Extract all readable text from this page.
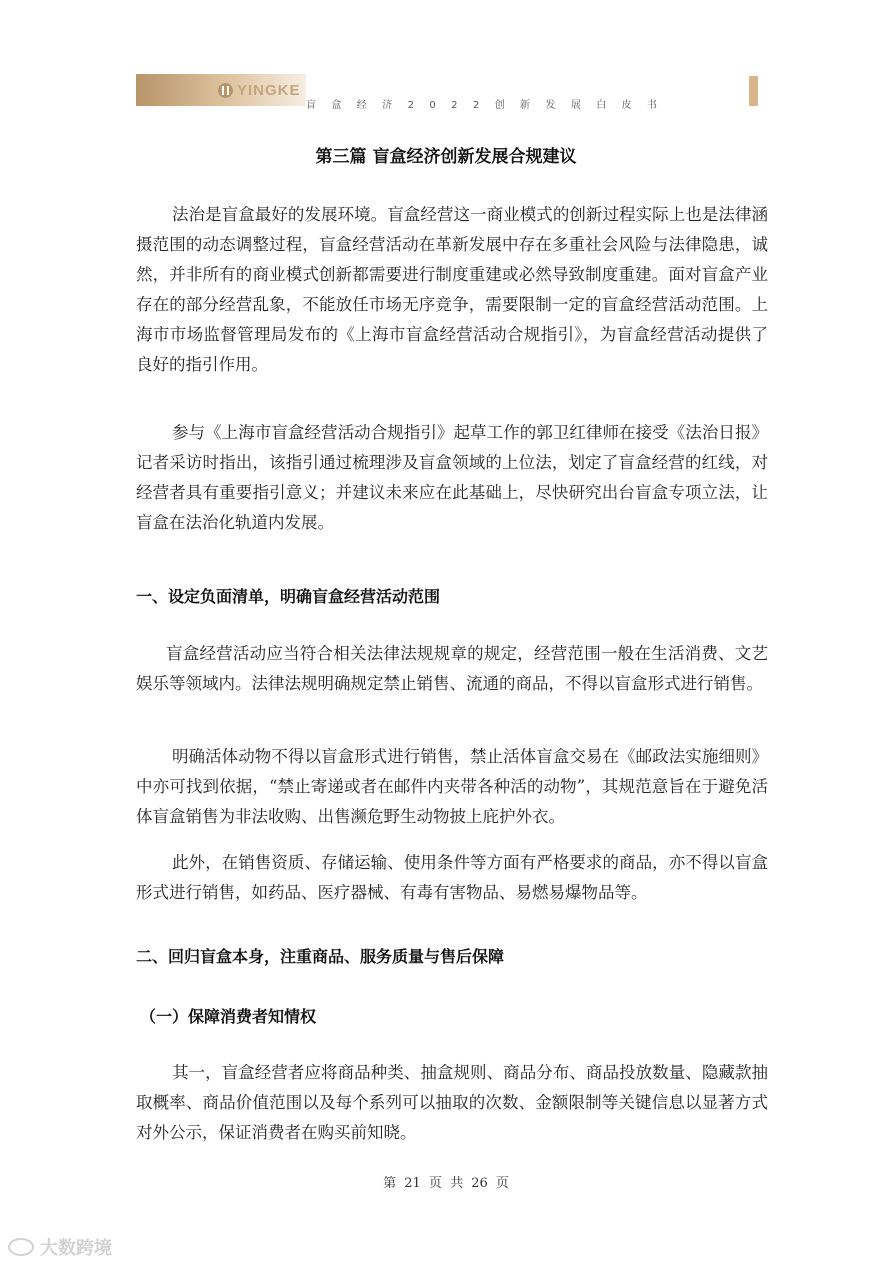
YINGKE
盲盒经济2022创新发展白皮书
第三篇 盲盒经济创新发展合规建议

法治是盲盒最好的发展环境。盲盒经营这一商业模式的创新过程实际上也是法律涵摄范围的动态调整过程，盲盒经营活动在革新发展中存在多重社会风险与法律隐患，诚然，并非所有的商业模式创新都需要进行制度重建或必然导致制度重建。面对盲盒产业存在的部分经营乱象，不能放任市场无序竞争，需要限制一定的盲盒经营活动范围。上海市市场监督管理局发布的《上海市盲盒经营活动合规指引》，为盲盒经营活动提供了良好的指引作用。

参与《上海市盲盒经营活动合规指引》起草工作的郭卫红律师在接受《法治日报》记者采访时指出，该指引通过梳理涉及盲盒领域的上位法，划定了盲盒经营的红线，对经营者具有重要指引意义；并建议未来应在此基础上，尽快研究出台盲盒专项立法，让盲盒在法治化轨道内发展。

一、设定负面清单，明确盲盒经营活动范围

盲盒经营活动应当符合相关法律法规规章的规定，经营范围一般在生活消费、文艺娱乐等领域内。法律法规明确规定禁止销售、流通的商品，不得以盲盒形式进行销售。

明确活体动物不得以盲盒形式进行销售，禁止活体盲盒交易在《邮政法实施细则》中亦可找到依据，“禁止寄递或者在邮件内夹带各种活的动物”，其规范意旨在于避免活体盲盒销售为非法收购、出售濒危野生动物披上庇护外衣。

此外，在销售资质、存储运输、使用条件等方面有严格要求的商品，亦不得以盲盒形式进行销售，如药品、医疗器械、有毒有害物品、易燃易爆物品等。

二、回归盲盒本身，注重商品、服务质量与售后保障
（一）保障消费者知情权

其一，盲盒经营者应将商品种类、抽盒规则、商品分布、商品投放数量、隐藏款抽取概率、商品价值范围以及每个系列可以抽取的次数、金额限制等关键信息以显著方式对外公示，保证消费者在购买前知晓。

第 21 页 共 26 页
大数跨境
